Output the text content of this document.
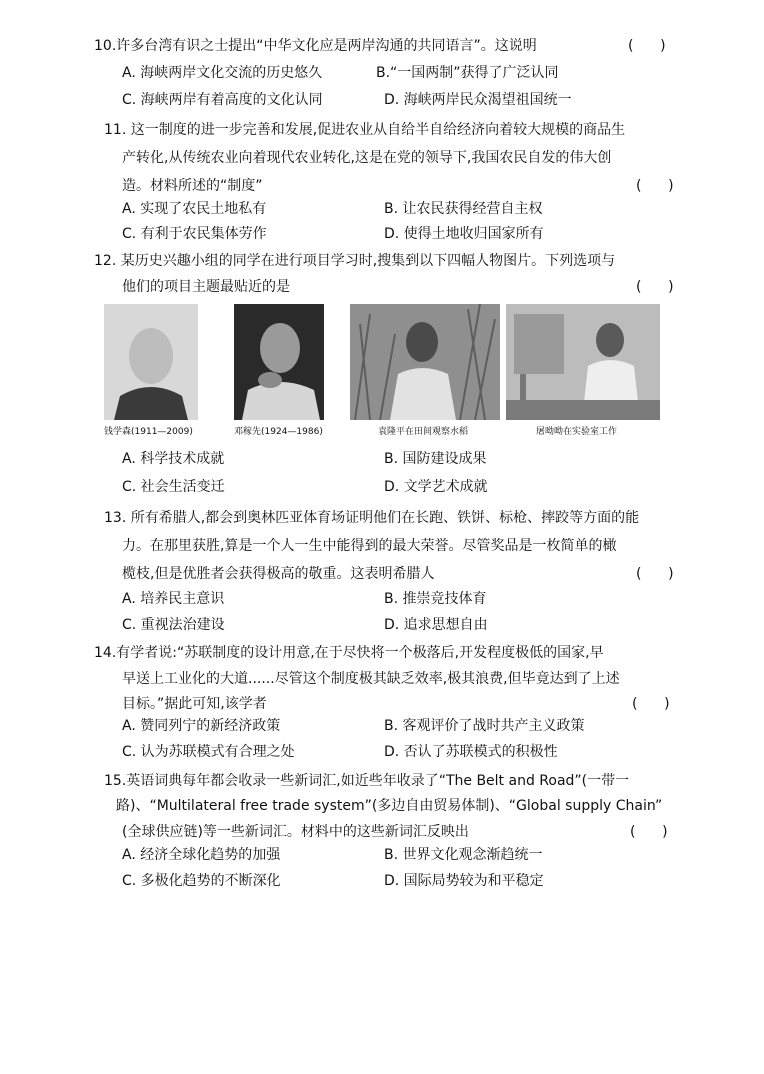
10.许多台湾有识之士提出“中华文化应是两岸沟通的共同语言”。这说明	(      )
A. 海峡两岸文化交流的历史悠久	B.“一国两制”获得了广泛认同
C. 海峡两岸有着高度的文化认同	D. 海峡两岸民众渴望祖国统一
11. 这一制度的进一步完善和发展,促进农业从自给半自给经济向着较大规模的商品生
产转化,从传统农业向着现代农业转化,这是在党的领导下,我国农民自发的伟大创
造。材料所述的“制度”	(      )
A. 实现了农民土地私有	B. 让农民获得经营自主权
C. 有利于农民集体劳作	D. 使得土地收归国家所有
12. 某历史兴趣小组的同学在进行项目学习时,搜集到以下四幅人物图片。下列选项与
他们的项目主题最贴近的是	(      )
钱学森(1911—2009)	邓稼先(1924—1986)	袁隆平在田间观察水稻	屠呦呦在实验室工作
A. 科学技术成就	B. 国防建设成果
C. 社会生活变迁	D. 文学艺术成就
13. 所有希腊人,都会到奥林匹亚体育场证明他们在长跑、铁饼、标枪、摔跤等方面的能
力。在那里获胜,算是一个人一生中能得到的最大荣誉。尽管奖品是一枚简单的橄
榄枝,但是优胜者会获得极高的敬重。这表明希腊人	(      )
A. 培养民主意识	B. 推崇竞技体育
C. 重视法治建设	D. 追求思想自由
14.有学者说:“苏联制度的设计用意,在于尽快将一个极落后,开发程度极低的国家,早
早送上工业化的大道......尽管这个制度极其缺乏效率,极其浪费,但毕竟达到了上述
目标。”据此可知,该学者	(      )
A. 赞同列宁的新经济政策	B. 客观评价了战时共产主义政策
C. 认为苏联模式有合理之处	D. 否认了苏联模式的积极性
15.英语词典每年都会收录一些新词汇,如近些年收录了“The Belt and Road”(一带一
路)、“Multilateral free trade system”(多边自由贸易体制)、“Global supply Chain”
(全球供应链)等一些新词汇。材料中的这些新词汇反映出	(      )
A. 经济全球化趋势的加强	B. 世界文化观念渐趋统一
C. 多极化趋势的不断深化	D. 国际局势较为和平稳定
